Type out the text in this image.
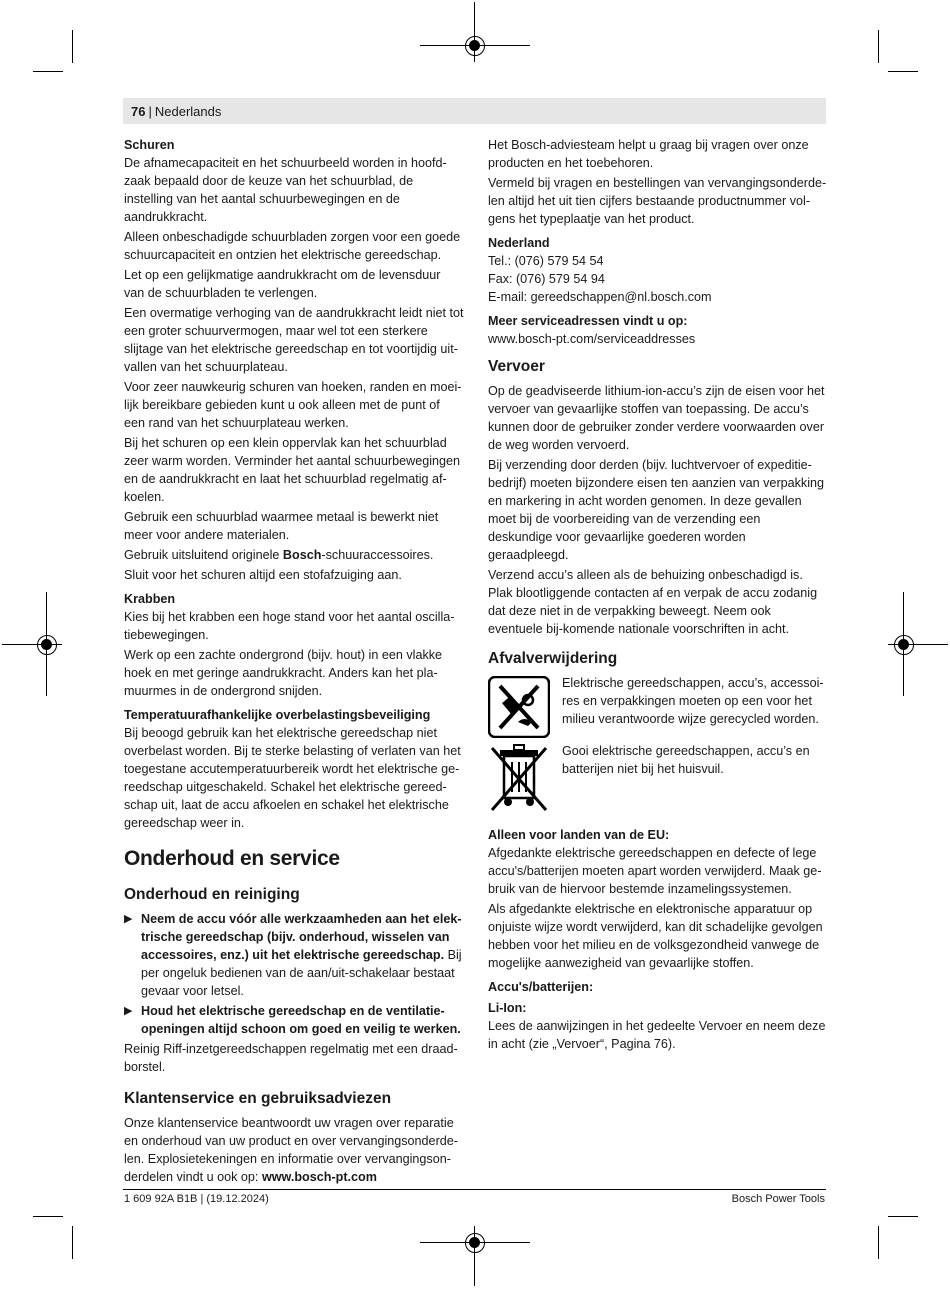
76 | Nederlands

Schuren

De afnamecapaciteit en het schuurbeeld worden in hoofd-zaak bepaald door de keuze van het schuurblad, de instelling van het aantal schuurbewegingen en de aandrukkracht.

Alleen onbeschadigde schuurbladen zorgen voor een goede schuurcapaciteit en ontzien het elektrische gereedschap.

Let op een gelijkmatige aandrukkracht om de levensduur van de schuurbladen te verlengen.

Een overmatige verhoging van de aandrukkracht leidt niet tot een groter schuurvermogen, maar wel tot een sterkere slijtage van het elektrische gereedschap en tot voortijdig uit-vallen van het schuurplateau.

Voor zeer nauwkeurig schuren van hoeken, randen en moei-lijk bereikbare gebieden kunt u ook alleen met de punt of een rand van het schuurplateau werken.

Bij het schuren op een klein oppervlak kan het schuurblad zeer warm worden. Verminder het aantal schuurbewegingen en de aandrukkracht en laat het schuurblad regelmatig af-koelen.

Gebruik een schuurblad waarmee metaal is bewerkt niet meer voor andere materialen.

Gebruik uitsluitend originele Bosch-schuuraccessoires.

Sluit voor het schuren altijd een stofafzuiging aan.

Krabben

Kies bij het krabben een hoge stand voor het aantal oscilla-tiebewegingen.

Werk op een zachte ondergrond (bijv. hout) in een vlakke hoek en met geringe aandrukkracht. Anders kan het pla-muurmes in de ondergrond snijden.

Temperatuurafhankelijke overbelastingsbeveiliging

Bij beoogd gebruik kan het elektrische gereedschap niet overbelast worden. Bij te sterke belasting of verlaten van het toegestane accutemperatuurbereik wordt het elektrische ge-reedschap uitgeschakeld. Schakel het elektrische gereed-schap uit, laat de accu afkoelen en schakel het elektrische gereedschap weer in.

Onderhoud en service

Onderhoud en reiniging

▶ Neem de accu vóór alle werkzaamheden aan het elek-trische gereedschap (bijv. onderhoud, wisselen van accessoires, enz.) uit het elektrische gereedschap. Bij per ongeluk bedienen van de aan/uit-schakelaar bestaat gevaar voor letsel.
▶ Houd het elektrische gereedschap en de ventilatie-openingen altijd schoon om goed en veilig te werken.

Reinig Riff-inzetgereedschappen regelmatig met een draad-borstel.

Klantenservice en gebruiksadviezen

Onze klantenservice beantwoordt uw vragen over reparatie en onderhoud van uw product en over vervangingsonderde-len. Explosietekeningen en informatie over vervangingson-derdelen vindt u ook op: www.bosch-pt.com

Het Bosch-adviesteam helpt u graag bij vragen over onze producten en het toebehoren.

Vermeld bij vragen en bestellingen van vervangingsonderde-len altijd het uit tien cijfers bestaande productnummer vol-gens het typeplaatje van het product.

Nederland

Tel.: (076) 579 54 54

Fax: (076) 579 54 94

E-mail: gereedschappen@nl.bosch.com

Meer serviceadressen vindt u op:

www.bosch-pt.com/serviceaddresses

Vervoer

Op de geadviseerde lithium-ion-accu’s zijn de eisen voor het vervoer van gevaarlijke stoffen van toepassing. De accu’s kunnen door de gebruiker zonder verdere voorwaarden over de weg worden vervoerd.

Bij verzending door derden (bijv. luchtvervoer of expeditie-bedrijf) moeten bijzondere eisen ten aanzien van verpakking en markering in acht worden genomen. In deze gevallen moet bij de voorbereiding van de verzending een deskundige voor gevaarlijke goederen worden geraadpleegd.

Verzend accu’s alleen als de behuizing onbeschadigd is. Plak blootliggende contacten af en verpak de accu zodanig dat deze niet in de verpakking beweegt. Neem ook eventuele bij-komende nationale voorschriften in acht.

Afvalverwijdering

Elektrische gereedschappen, accu’s, accessoi-res en verpakkingen moeten op een voor het milieu verantwoorde wijze gerecycled worden.

Gooi elektrische gereedschappen, accu’s en batterijen niet bij het huisvuil.

Alleen voor landen van de EU:

Afgedankte elektrische gereedschappen en defecte of lege accu's/batterijen moeten apart worden verwijderd. Maak ge-bruik van de hiervoor bestemde inzamelingssystemen.

Als afgedankte elektrische en elektronische apparatuur op onjuiste wijze wordt verwijderd, kan dit schadelijke gevolgen hebben voor het milieu en de volksgezondheid vanwege de mogelijke aanwezigheid van gevaarlijke stoffen.

Accu's/batterijen:

Li-Ion:

Lees de aanwijzingen in het gedeelte Vervoer en neem deze in acht (zie „Vervoer“, Pagina 76).

1 609 92A B1B | (19.12.2024)	Bosch Power Tools
